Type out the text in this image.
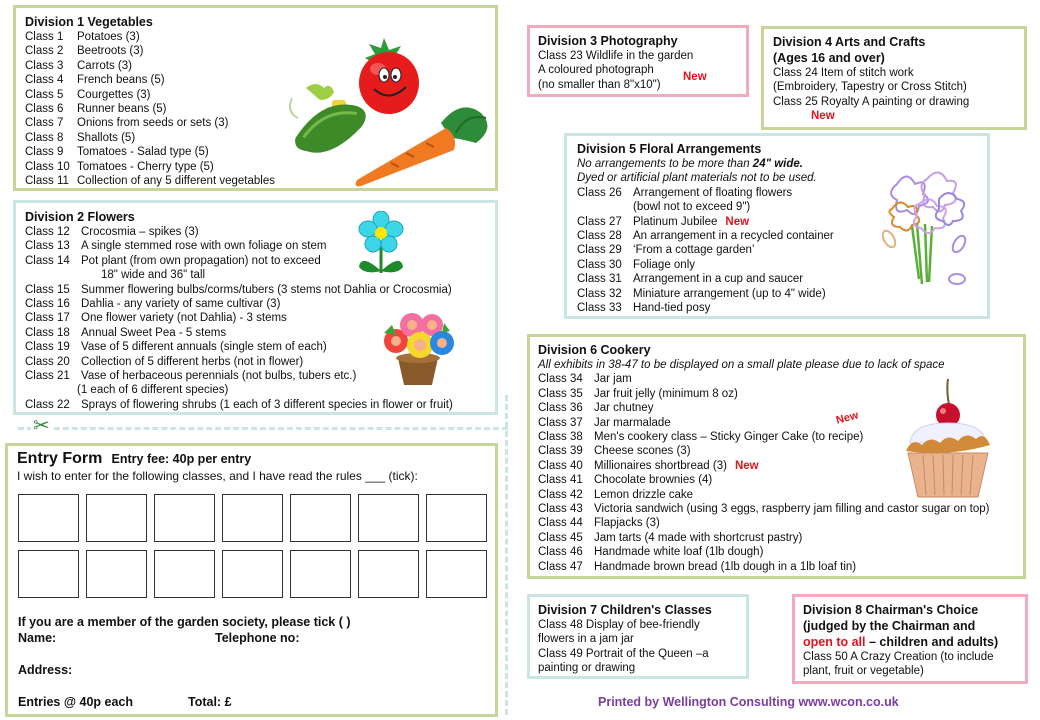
Division 1 Vegetables
Class 1	Potatoes (3)
Class 2	Beetroots (3)
Class 3	Carrots (3)
Class 4	French beans (5)
Class 5	Courgettes (3)
Class 6	Runner beans (5)
Class 7	Onions from seeds or sets (3)
Class 8	Shallots (5)
Class 9	Tomatoes - Salad type (5)
Class 10 Tomatoes - Cherry type (5)
Class 11 Collection of any 5 different vegetables
Division 2 Flowers
Class 12 Crocosmia – spikes (3)
Class 13 A single stemmed rose with own foliage on stem
Class 14 Pot plant (from own propagation) not to exceed
18" wide and 36" tall
Class 15 Summer flowering bulbs/corms/tubers (3 stems not Dahlia or Crocosmia)
Class 16 Dahlia - any variety of same cultivar (3)
Class 17 One flower variety (not Dahlia) - 3 stems
Class 18 Annual Sweet Pea - 5 stems
Class 19 Vase of 5 different annuals (single stem of each)
Class 20 Collection of 5 different herbs (not in flower)
Class 21 Vase of herbaceous perennials (not bulbs, tubers etc.)
(1 each of 6 different species)
Class 22 Sprays of flowering shrubs (1 each of 3 different species in flower or fruit)
✂
Entry Form Entry fee: 40p per entry
I wish to enter for the following classes, and I have read the rules ___ (tick):
If you are a member of the garden society, please tick ( )
Name:	Telephone no:
Address:
Entries @ 40p each	Total: £
Division 3 Photography
Class 23 Wildlife in the garden
A coloured photograph
(no smaller than 8"x10")
New
Division 4 Arts and Crafts
(Ages 16 and over)
Class 24 Item of stitch work
(Embroidery, Tapestry or Cross Stitch)
Class 25 Royalty A painting or drawing
New
Division 5 Floral Arrangements
No arrangements to be more than 24" wide.
Dyed or artificial plant materials not to be used.
Class 26 Arrangement of floating flowers
(bowl not to exceed 9")
Class 27 Platinum Jubilee New
Class 28 An arrangement in a recycled container
Class 29 ‘From a cottage garden’
Class 30 Foliage only
Class 31 Arrangement in a cup and saucer
Class 32 Miniature arrangement (up to 4" wide)
Class 33 Hand-tied posy
Division 6 Cookery
All exhibits in 38-47 to be displayed on a small plate please due to lack of space
Class 34 Jar jam
Class 35 Jar fruit jelly (minimum 8 oz)
Class 36 Jar chutney
Class 37 Jar marmalade
Class 38 Men's cookery class – Sticky Ginger Cake (to recipe)
Class 39 Cheese scones (3)
Class 40 Millionaires shortbread (3) New
Class 41 Chocolate brownies (4)
Class 42 Lemon drizzle cake
Class 43 Victoria sandwich (using 3 eggs, raspberry jam filling and castor sugar on top)
Class 44 Flapjacks (3)
Class 45 Jam tarts (4 made with shortcrust pastry)
Class 46 Handmade white loaf (1lb dough)
Class 47 Handmade brown bread (1lb dough in a 1lb loaf tin)
New
Division 7 Children's Classes
Class 48 Display of bee-friendly
flowers in a jam jar
Class 49 Portrait of the Queen –a
painting or drawing
Division 8 Chairman's Choice
(judged by the Chairman and
open to all – children and adults)
Class 50 A Crazy Creation (to include
plant, fruit or vegetable)
Printed by Wellington Consulting www.wcon.co.uk
